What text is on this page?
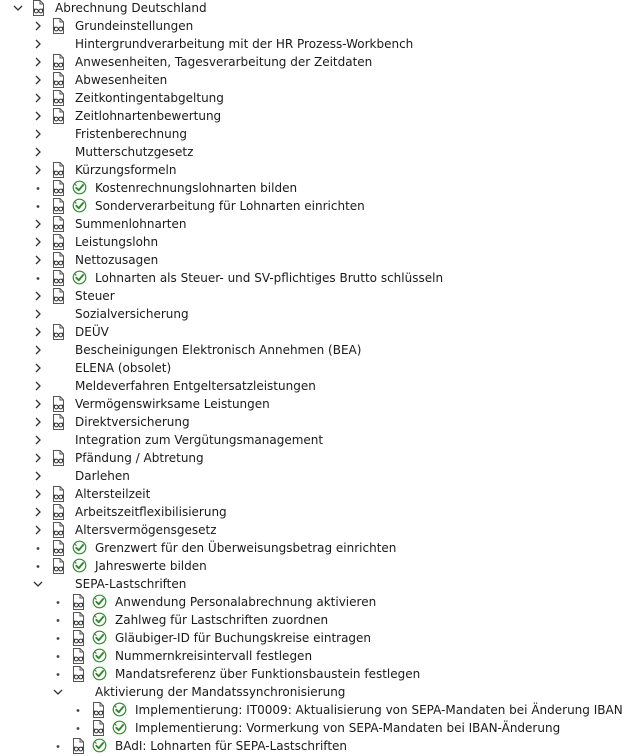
Abrechnung Deutschland
Grundeinstellungen
Hintergrundverarbeitung mit der HR Prozess-Workbench
Anwesenheiten, Tagesverarbeitung der Zeitdaten
Abwesenheiten
Zeitkontingentabgeltung
Zeitlohnartenbewertung
Fristenberechnung
Mutterschutzgesetz
Kürzungsformeln
Kostenrechnungslohnarten bilden
Sonderverarbeitung für Lohnarten einrichten
Summenlohnarten
Leistungslohn
Nettozusagen
Lohnarten als Steuer- und SV-pflichtiges Brutto schlüsseln
Steuer
Sozialversicherung
DEÜV
Bescheinigungen Elektronisch Annehmen (BEA)
ELENA (obsolet)
Meldeverfahren Entgeltersatzleistungen
Vermögenswirksame Leistungen
Direktversicherung
Integration zum Vergütungsmanagement
Pfändung / Abtretung
Darlehen
Altersteilzeit
Arbeitszeitflexibilisierung
Altersvermögensgesetz
Grenzwert für den Überweisungsbetrag einrichten
Jahreswerte bilden
SEPA-Lastschriften
Anwendung Personalabrechnung aktivieren
Zahlweg für Lastschriften zuordnen
Gläubiger-ID für Buchungskreise eintragen
Nummernkreisintervall festlegen
Mandatsreferenz über Funktionsbaustein festlegen
Aktivierung der Mandatssynchronisierung
Implementierung: IT0009: Aktualisierung von SEPA-Mandaten bei Änderung IBAN
Implementierung: Vormerkung von SEPA-Mandaten bei IBAN-Änderung
BAdI: Lohnarten für SEPA-Lastschriften
